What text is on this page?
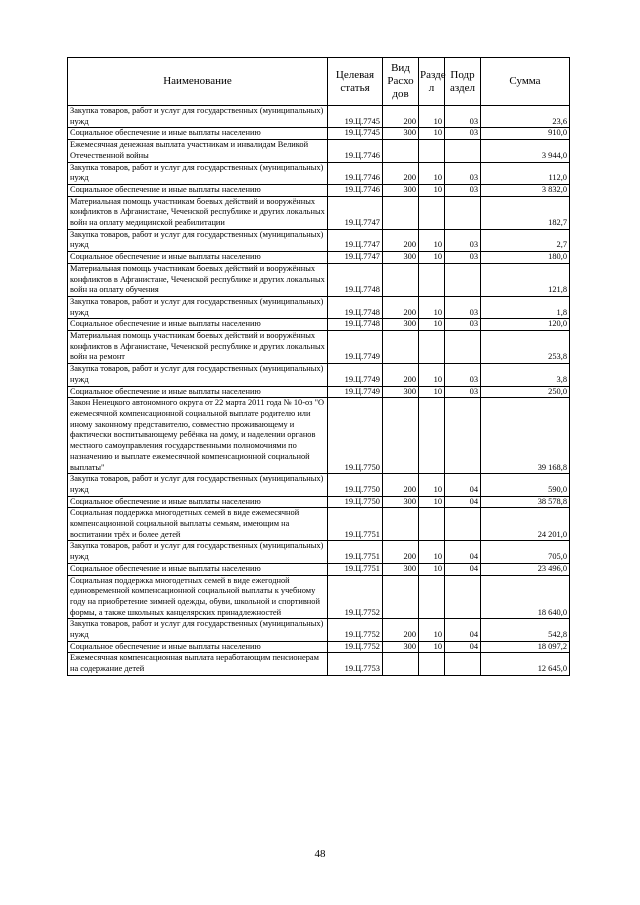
Наименование	Целевая статья	Вид Расхо дов	Разде л	Подр аздел	Сумма
Закупка товаров, работ и услуг для государственных (муниципальных) нужд	19.Ц.7745	200	10	03	23,6
Социальное обеспечение и иные выплаты населению	19.Ц.7745	300	10	03	910,0
Ежемесячная денежная выплата участникам и инвалидам Великой Отечественной войны	19.Ц.7746				3 944,0
Закупка товаров, работ и услуг для государственных (муниципальных) нужд	19.Ц.7746	200	10	03	112,0
Социальное обеспечение и иные выплаты населению	19.Ц.7746	300	10	03	3 832,0
Материальная помощь участникам боевых действий и вооружённых конфликтов в Афганистане, Чеченской республике и других локальных войн на оплату медицинской реабилитации	19.Ц.7747				182,7
Закупка товаров, работ и услуг для государственных (муниципальных) нужд	19.Ц.7747	200	10	03	2,7
Социальное обеспечение и иные выплаты населению	19.Ц.7747	300	10	03	180,0
Материальная помощь участникам боевых действий и вооружённых конфликтов в Афганистане, Чеченской республике и других локальных войн на оплату обучения	19.Ц.7748				121,8
Закупка товаров, работ и услуг для государственных (муниципальных) нужд	19.Ц.7748	200	10	03	1,8
Социальное обеспечение и иные выплаты населению	19.Ц.7748	300	10	03	120,0
Материальная помощь участникам боевых действий и вооружённых конфликтов в Афганистане, Чеченской республике и других локальных войн на ремонт	19.Ц.7749				253,8
Закупка товаров, работ и услуг для государственных (муниципальных) нужд	19.Ц.7749	200	10	03	3,8
Социальное обеспечение и иные выплаты населению	19.Ц.7749	300	10	03	250,0
Закон Ненецкого автономного округа от 22 марта 2011 года № 10-оз "О ежемесячной компенсационной социальной выплате родителю или иному законному представителю, совместно проживающему и фактически воспитывающему ребёнка на дому, и наделении органов местного самоуправления государственными полномочиями по назначению и выплате ежемесячной компенсационной социальной выплаты"	19.Ц.7750				39 168,8
Закупка товаров, работ и услуг для государственных (муниципальных) нужд	19.Ц.7750	200	10	04	590,0
Социальное обеспечение и иные выплаты населению	19.Ц.7750	300	10	04	38 578,8
Социальная поддержка многодетных семей в виде ежемесячной компенсационной социальной выплаты семьям, имеющим на воспитании трёх и более детей	19.Ц.7751				24 201,0
Закупка товаров, работ и услуг для государственных (муниципальных) нужд	19.Ц.7751	200	10	04	705,0
Социальное обеспечение и иные выплаты населению	19.Ц.7751	300	10	04	23 496,0
Социальная поддержка многодетных семей в виде ежегодной единовременной компенсационной социальной выплаты к учебному году на приобретение зимней одежды, обуви, школьной и спортивной формы, а также школьных канцелярских принадлежностей	19.Ц.7752				18 640,0
Закупка товаров, работ и услуг для государственных (муниципальных) нужд	19.Ц.7752	200	10	04	542,8
Социальное обеспечение и иные выплаты населению	19.Ц.7752	300	10	04	18 097,2
Ежемесячная компенсационная выплата неработающим пенсионерам на содержание детей	19.Ц.7753				12 645,0
48
